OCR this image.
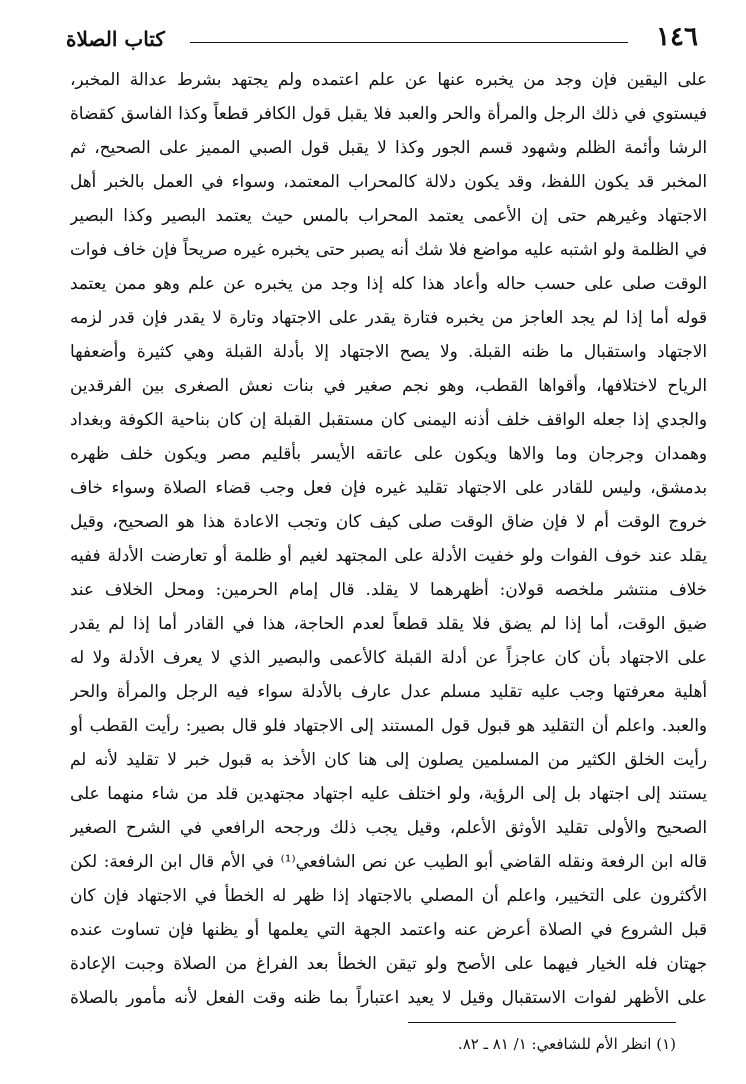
كتاب الصلاة	١٤٦
على اليقين فإن وجد من يخبره عنها عن علم اعتمده ولم يجتهد بشرط عدالة المخبر،
فيستوي في ذلك الرجل والمرأة والحر والعبد فلا يقبل قول الكافر قطعاً وكذا الفاسق كقضاة
الرشا وأئمة الظلم وشهود قسم الجور وكذا لا يقبل قول الصبي المميز على الصحيح، ثم
المخبر قد يكون اللفظ، وقد يكون دلالة كالمحراب المعتمد، وسواء في العمل بالخبر أهل
الاجتهاد وغيرهم حتى إن الأعمى يعتمد المحراب بالمس حيث يعتمد البصير وكذا البصير
في الظلمة ولو اشتبه عليه مواضع فلا شك أنه يصبر حتى يخبره غيره صريحاً فإن خاف فوات
الوقت صلى على حسب حاله وأعاد هذا كله إذا وجد من يخبره عن علم وهو ممن يعتمد
قوله أما إذا لم يجد العاجز من يخبره فتارة يقدر على الاجتهاد وتارة لا يقدر فإن قدر لزمه
الاجتهاد واستقبال ما ظنه القبلة. ولا يصح الاجتهاد إلا بأدلة القبلة وهي كثيرة وأضعفها
الرياح لاختلافها، وأقواها القطب، وهو نجم صغير في بنات نعش الصغرى بين الفرقدين
والجدي إذا جعله الواقف خلف أذنه اليمنى كان مستقبل القبلة إن كان بناحية الكوفة وبغداد
وهمدان وجرجان وما والاها ويكون على عاتقه الأيسر بأقليم مصر ويكون خلف ظهره
بدمشق، وليس للقادر على الاجتهاد تقليد غيره فإن فعل وجب قضاء الصلاة وسواء خاف
خروج الوقت أم لا فإن ضاق الوقت صلى كيف كان وتجب الاعادة هذا هو الصحيح، وقيل
يقلد عند خوف الفوات ولو خفيت الأدلة على المجتهد لغيم أو ظلمة أو تعارضت الأدلة ففيه
خلاف منتشر ملخصه قولان: أظهرهما لا يقلد. قال إمام الحرمين: ومحل الخلاف عند
ضيق الوقت، أما إذا لم يضق فلا يقلد قطعاً لعدم الحاجة، هذا في القادر أما إذا لم يقدر
على الاجتهاد بأن كان عاجزاً عن أدلة القبلة كالأعمى والبصير الذي لا يعرف الأدلة ولا له
أهلية معرفتها وجب عليه تقليد مسلم عدل عارف بالأدلة سواء فيه الرجل والمرأة والحر
والعبد. واعلم أن التقليد هو قبول قول المستند إلى الاجتهاد فلو قال بصير: رأيت القطب أو
رأيت الخلق الكثير من المسلمين يصلون إلى هنا كان الأخذ به قبول خبر لا تقليد لأنه لم
يستند إلى اجتهاد بل إلى الرؤية، ولو اختلف عليه اجتهاد مجتهدين قلد من شاء منهما على
الصحيح والأولى تقليد الأوثق الأعلم، وقيل يجب ذلك ورجحه الرافعي في الشرح الصغير
قاله ابن الرفعة ونقله القاضي أبو الطيب عن نص الشافعي⁽¹⁾ في الأم قال ابن الرفعة: لكن
الأكثرون على التخيير، واعلم أن المصلي بالاجتهاد إذا ظهر له الخطأ في الاجتهاد فإن كان
قبل الشروع في الصلاة أعرض عنه واعتمد الجهة التي يعلمها أو يظنها فإن تساوت عنده
جهتان فله الخيار فيهما على الأصح ولو تيقن الخطأ بعد الفراغ من الصلاة وجبت الإعادة
على الأظهر لفوات الاستقبال وقيل لا يعيد اعتباراً بما ظنه وقت الفعل لأنه مأمور بالصلاة
(١) انظر الأم للشافعي: ١/ ٨١ ـ ٨٢.
